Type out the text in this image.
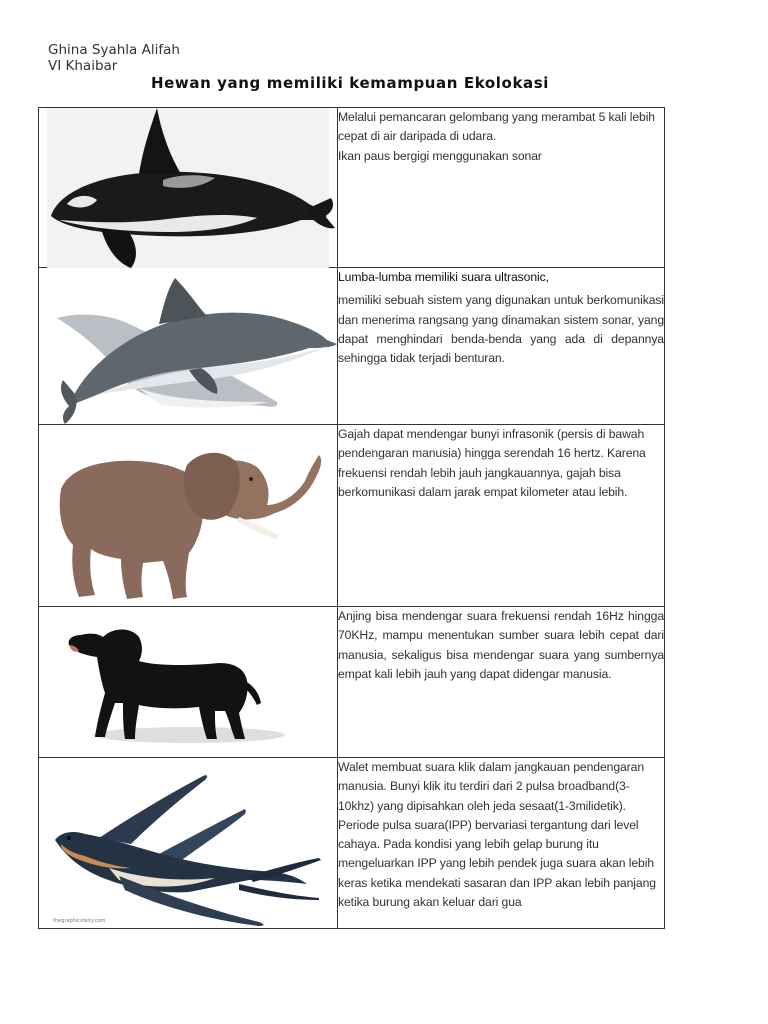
Ghina Syahla Alifah
VI Khaibar
Hewan yang memiliki kemampuan Ekolokasi

Melalui pemancaran gelombang yang merambat 5 kali lebih cepat di air daripada di udara.
Ikan paus bergigi menggunakan sonar

Lumba-lumba memiliki suara ultrasonic,
memiliki sebuah sistem yang digunakan untuk berkomunikasi dan menerima rangsang yang dinamakan sistem sonar, yang dapat menghindari benda-benda yang ada di depannya sehingga tidak terjadi benturan.

Gajah dapat mendengar bunyi infrasonik (persis di bawah pendengaran manusia) hingga serendah 16 hertz. Karena frekuensi rendah lebih jauh jangkauannya, gajah bisa berkomunikasi dalam jarak empat kilometer atau lebih.

Anjing bisa mendengar suara frekuensi rendah 16Hz hingga 70KHz, mampu menentukan sumber suara lebih cepat dari manusia, sekaligus bisa mendengar suara yang sumbernya empat kali lebih jauh yang dapat didengar manusia.

thegraphicsfairy.com	Walet membuat suara klik dalam jangkauan pendengaran manusia. Bunyi klik itu terdiri dari 2 pulsa broadband(3-10khz) yang dipisahkan oleh jeda sesaat(1-3milidetik). Periode pulsa suara(IPP) bervariasi tergantung dari level cahaya. Pada kondisi yang lebih gelap burung itu mengeluarkan IPP yang lebih pendek juga suara akan lebih keras ketika mendekati sasaran dan IPP akan lebih panjang ketika burung akan keluar dari gua
